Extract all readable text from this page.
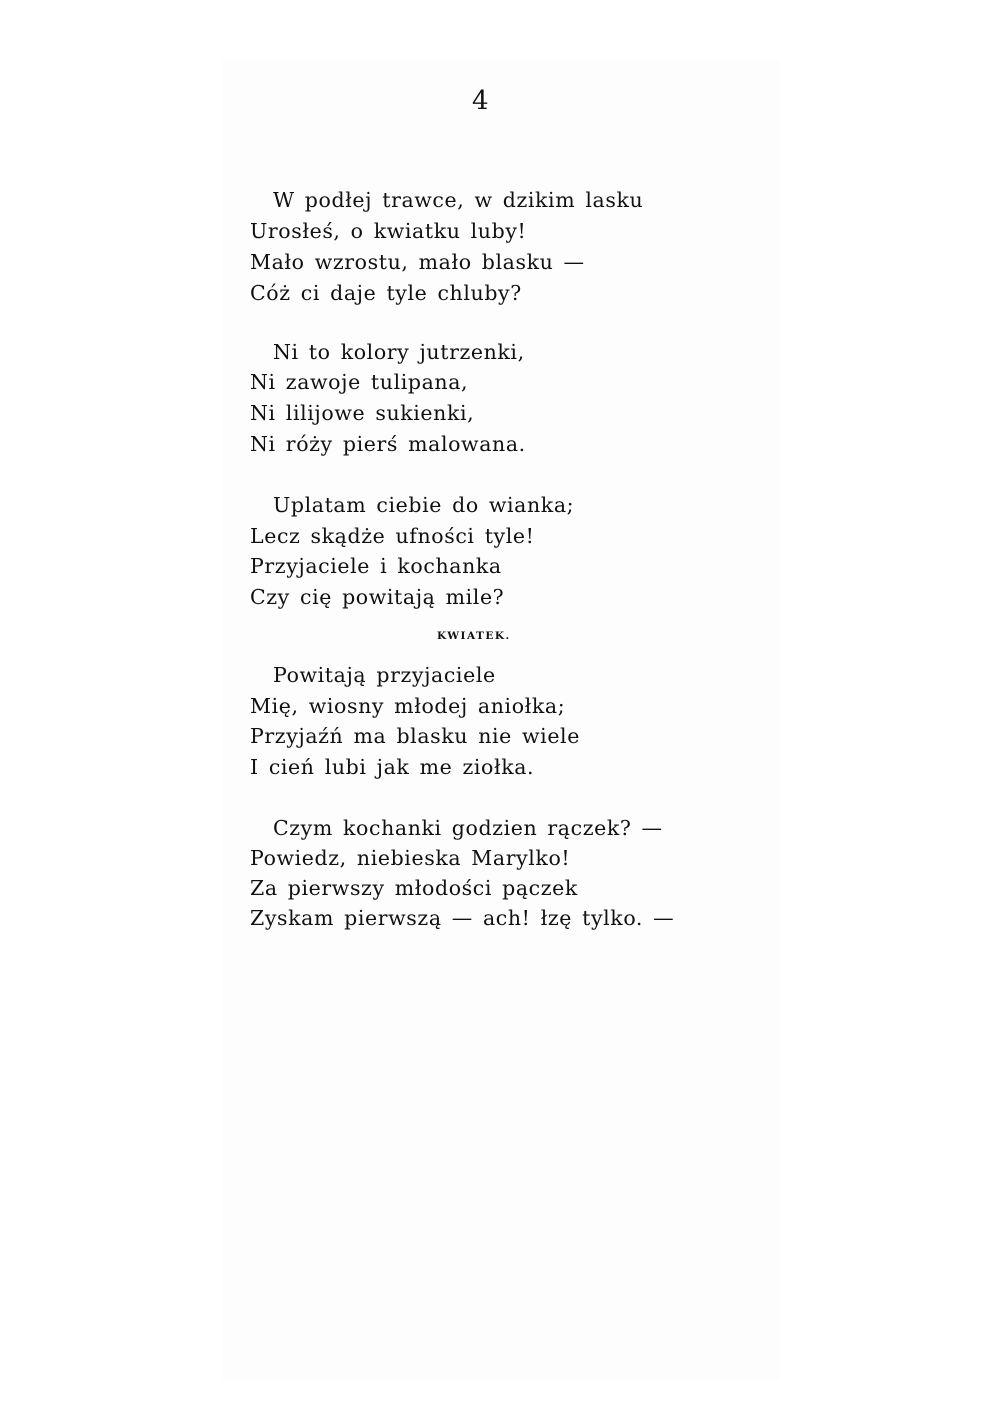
4
W podłej trawce, w dzikim lasku
Urosłeś, o kwiatku luby!
Mało wzrostu, mało blasku —
Cóż ci daje tyle chluby?
Ni to kolory jutrzenki,
Ni zawoje tulipana,
Ni lilijowe sukienki,
Ni róży pierś malowana.
Uplatam ciebie do wianka;
Lecz skądże ufności tyle!
Przyjaciele i kochanka
Czy cię powitają mile?
KWIATEK.
Powitają przyjaciele
Mię, wiosny młodej aniołka;
Przyjaźń ma blasku nie wiele
I cień lubi jak me ziołka.
Czym kochanki godzien rączek? —
Powiedz, niebieska Marylko!
Za pierwszy młodości pączek
Zyskam pierwszą — ach! łzę tylko. —
